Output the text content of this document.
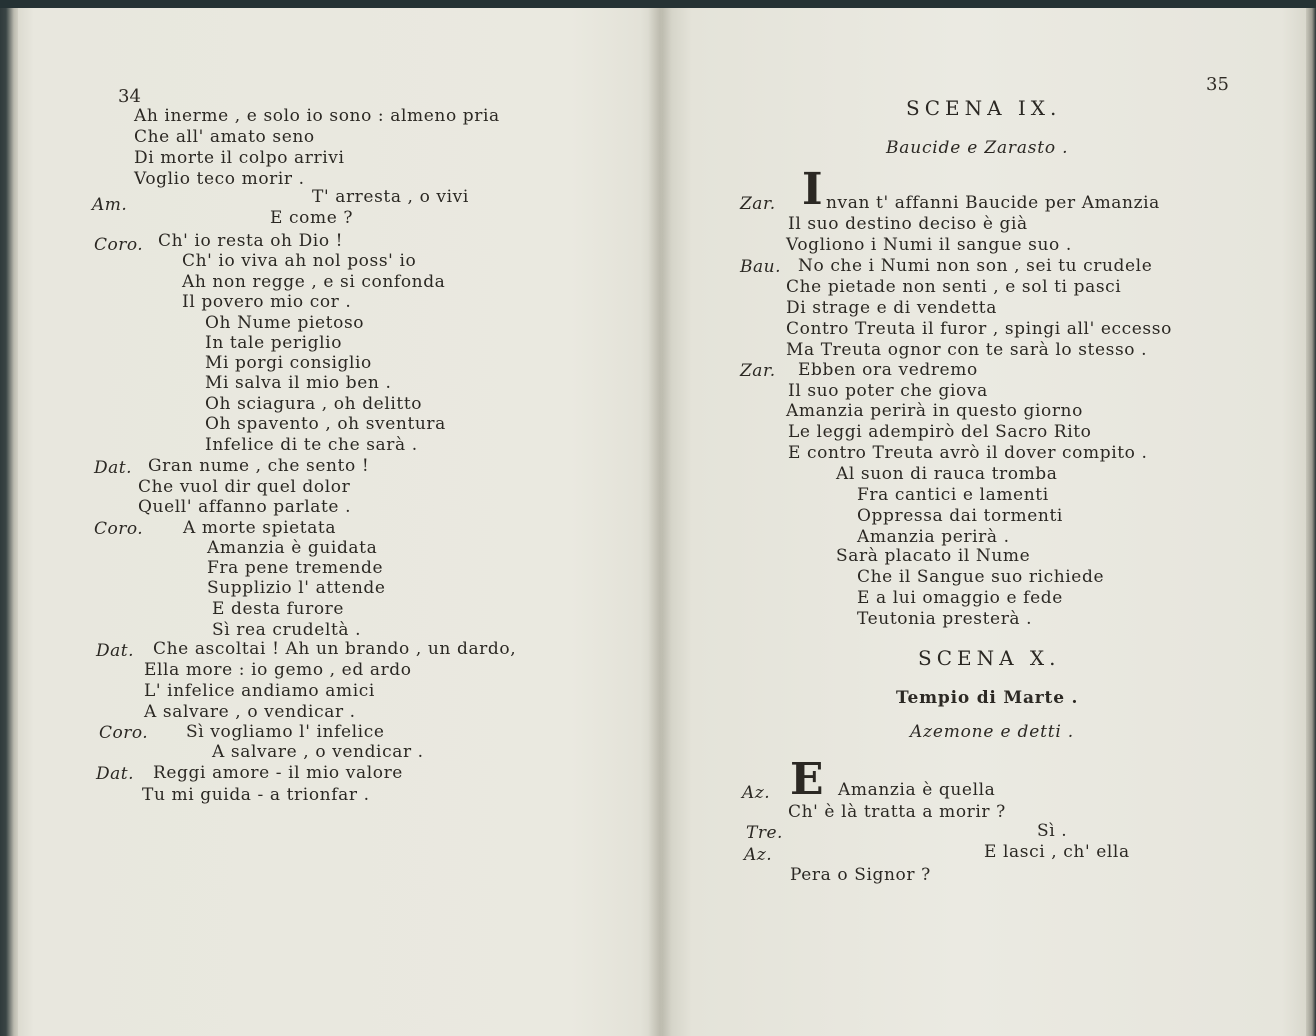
34
35
Ah inerme , e solo io sono : almeno pria
Che all' amato seno
Di morte il colpo arrivi
Voglio teco morir .
T' arresta , o vivi
E come ?
Ch' io resta oh Dio !
Ch' io viva ah nol poss' io
Ah non regge , e si confonda
Il povero mio cor .
Oh Nume pietoso
In tale periglio
Mi porgi consiglio
Mi salva il mio ben .
Oh sciagura , oh delitto
Oh spavento , oh sventura
Infelice di te che sarà .
Gran nume , che sento !
Che vuol dir quel dolor
Quell' affanno parlate .
A morte spietata
Amanzia è guidata
Fra pene tremende
Supplizio l' attende
E desta furore
Sì rea crudeltà .
Che ascoltai ! Ah un brando , un dardo,
Ella more : io gemo , ed ardo
L' infelice andiamo amici
A salvare , o vendicar .
Sì vogliamo l' infelice
A salvare , o vendicar .
Reggi amore - il mio valore
Tu mi guida - a trionfar .
Am.
Coro.
Dat.
Coro.
Dat.
Coro.
Dat.
SCENA IX.
Baucide e Zarasto .
I
SCENA X.
Tempio di Marte .
Azemone e detti .
E
nvan t' affanni Baucide per Amanzia
Il suo destino deciso è già
Vogliono i Numi il sangue suo .
No che i Numi non son , sei tu crudele
Che pietade non senti , e sol ti pasci
Di strage e di vendetta
Contro Treuta il furor , spingi all' eccesso
Ma Treuta ognor con te sarà lo stesso .
Ebben ora vedremo
Il suo poter che giova
Amanzia perirà in questo giorno
Le leggi adempirò del Sacro Rito
E contro Treuta avrò il dover compito .
Al suon di rauca tromba
Fra cantici e lamenti
Oppressa dai tormenti
Amanzia perirà .
Sarà placato il Nume
Che il Sangue suo richiede
E a lui omaggio e fede
Teutonia presterà .
Amanzia è quella
Ch' è là tratta a morir ?
Sì .
E lasci , ch' ella
Pera o Signor ?
Zar.
Bau.
Zar.
Az.
Tre.
Az.
